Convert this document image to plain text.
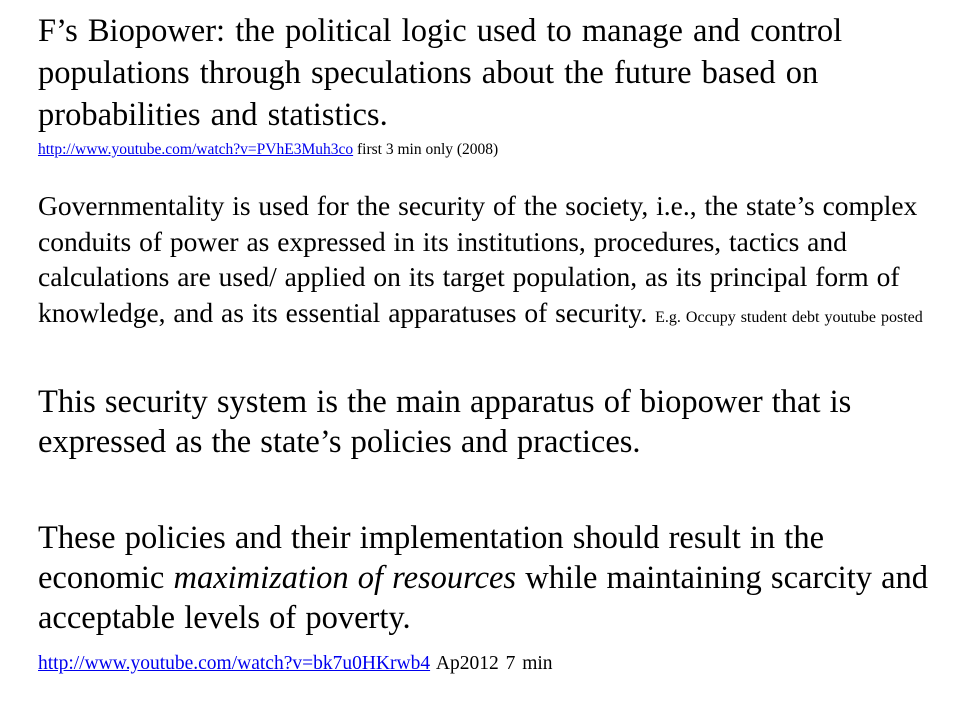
F’s Biopower: the political logic used to manage and control populations through speculations about the future based on probabilities and statistics.

http://www.youtube.com/watch?v=PVhE3Muh3co first 3 min only (2008)

Governmentality is used for the security of the society, i.e., the state’s complex conduits of power as expressed in its institutions, procedures, tactics and calculations are used/ applied on its target population, as its principal form of knowledge, and as its essential apparatuses of security. E.g. Occupy student debt youtube posted

This security system is the main apparatus of biopower that is expressed as the state’s policies and practices.

These policies and their implementation should result in the economic maximization of resources while maintaining scarcity and acceptable levels of poverty.

http://www.youtube.com/watch?v=bk7u0HKrwb4 Ap2012 7 min
